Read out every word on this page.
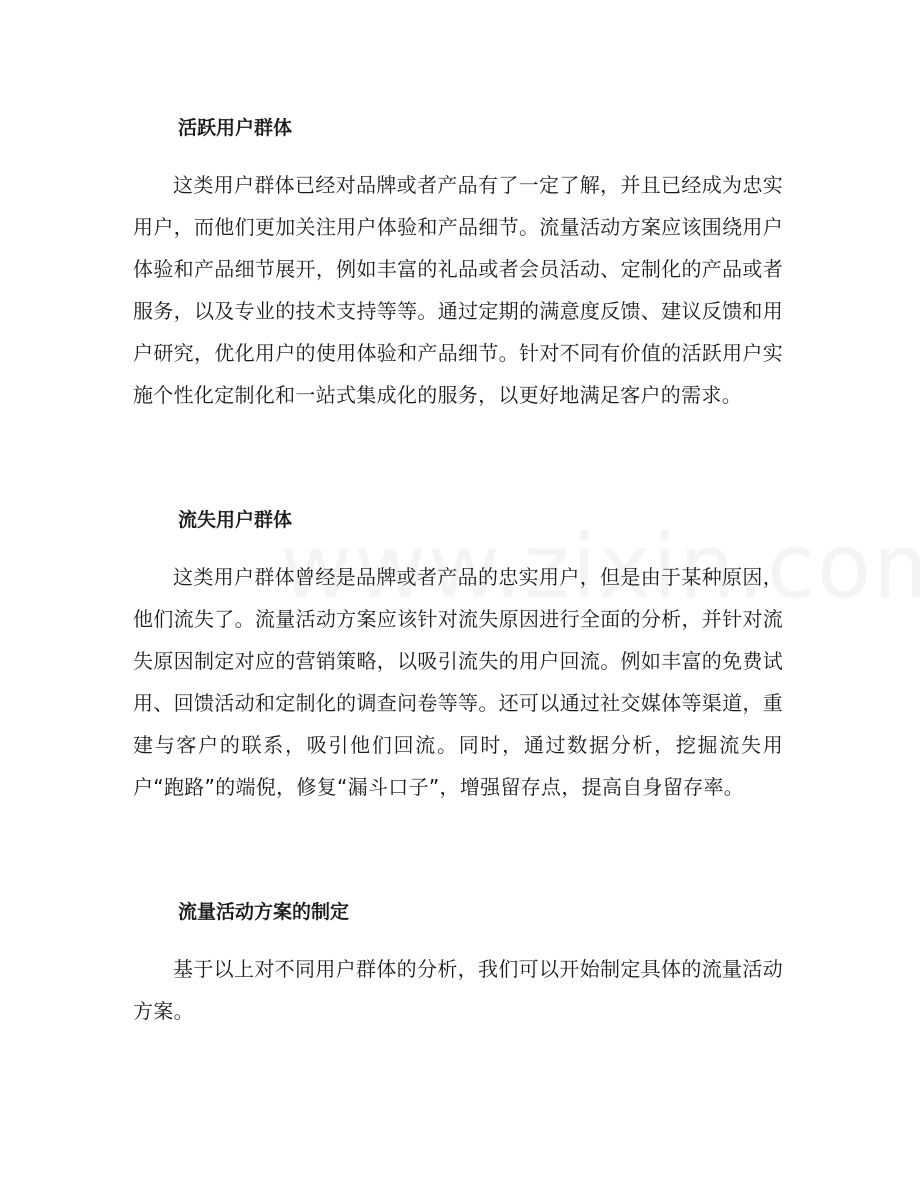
活跃用户群体

这类用户群体已经对品牌或者产品有了一定了解，并且已经成为忠实用户，而他们更加关注用户体验和产品细节。流量活动方案应该围绕用户体验和产品细节展开，例如丰富的礼品或者会员活动、定制化的产品或者服务，以及专业的技术支持等等。通过定期的满意度反馈、建议反馈和用户研究，优化用户的使用体验和产品细节。针对不同有价值的活跃用户实施个性化定制化和一站式集成化的服务，以更好地满足客户的需求。

流失用户群体

这类用户群体曾经是品牌或者产品的忠实用户，但是由于某种原因，他们流失了。流量活动方案应该针对流失原因进行全面的分析，并针对流失原因制定对应的营销策略，以吸引流失的用户回流。例如丰富的免费试用、回馈活动和定制化的调查问卷等等。还可以通过社交媒体等渠道，重建与客户的联系，吸引他们回流。同时，通过数据分析，挖掘流失用户“跑路”的端倪，修复“漏斗口子”，增强留存点，提高自身留存率。

流量活动方案的制定

基于以上对不同用户群体的分析，我们可以开始制定具体的流量活动方案。
